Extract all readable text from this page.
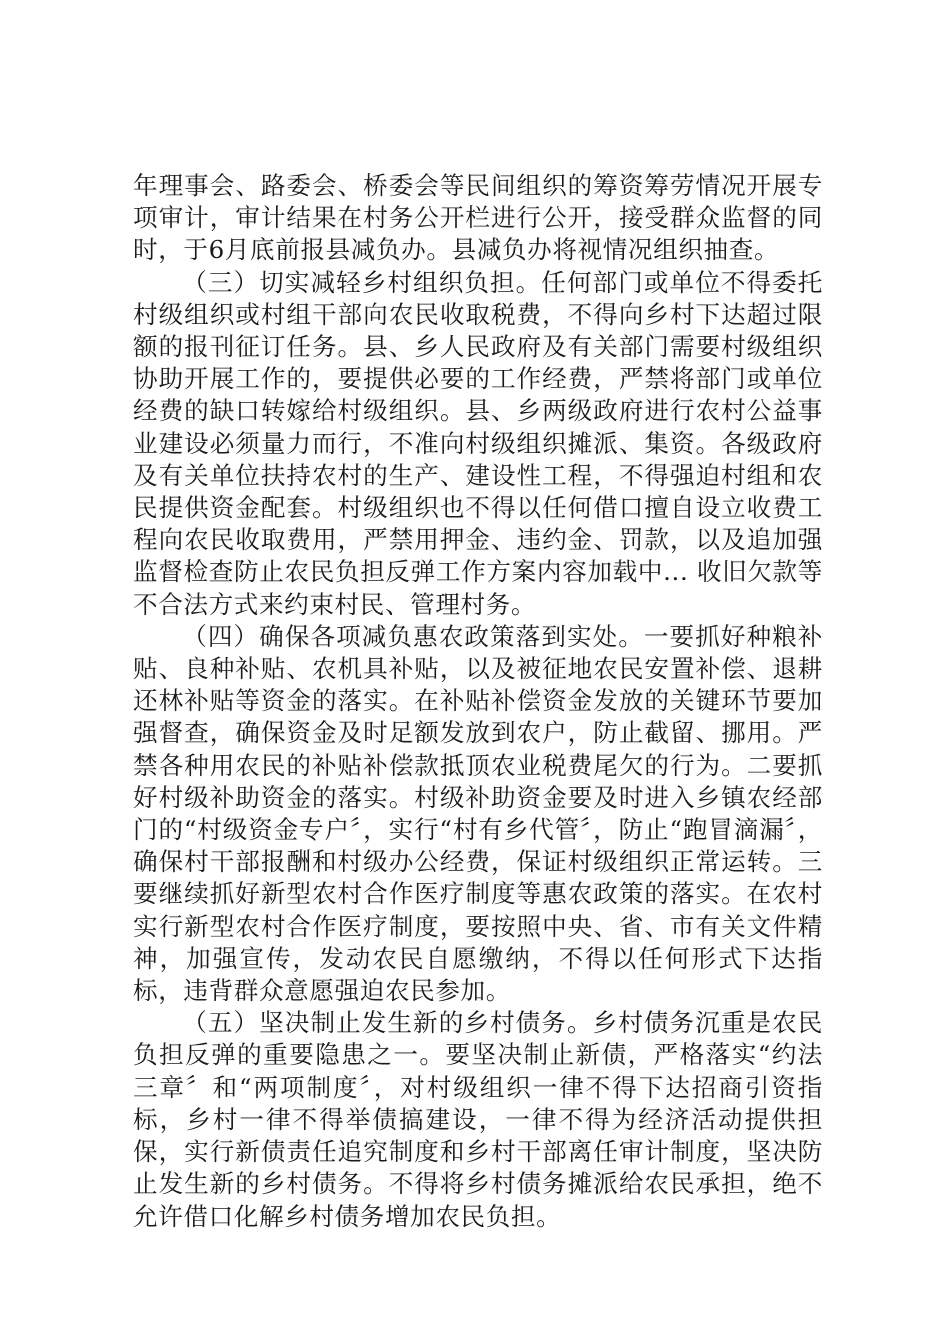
年理事会、路委会、桥委会等民间组织的筹资筹劳情况开展专项审计，审计结果在村务公开栏进行公开，接受群众监督的同时，于6月底前报县减负办。县减负办将视情况组织抽查。

（三）切实减轻乡村组织负担。任何部门或单位不得委托村级组织或村组干部向农民收取税费，不得向乡村下达超过限额的报刊征订任务。县、乡人民政府及有关部门需要村级组织协助开展工作的，要提供必要的工作经费，严禁将部门或单位经费的缺口转嫁给村级组织。县、乡两级政府进行农村公益事业建设必须量力而行，不准向村级组织摊派、集资。各级政府及有关单位扶持农村的生产、建设性工程，不得强迫村组和农民提供资金配套。村级组织也不得以任何借口擅自设立收费工程向农民收取费用，严禁用押金、违约金、罚款，以及追加强监督检查防止农民负担反弹工作方案内容加载中... 收旧欠款等不合法方式来约束村民、管理村务。

（四）确保各项减负惠农政策落到实处。一要抓好种粮补贴、良种补贴、农机具补贴，以及被征地农民安置补偿、退耕还林补贴等资金的落实。在补贴补偿资金发放的关键环节要加强督查，确保资金及时足额发放到农户，防止截留、挪用。严禁各种用农民的补贴补偿款抵顶农业税费尾欠的行为。二要抓好村级补助资金的落实。村级补助资金要及时进入乡镇农经部门的“村级资金专户〞，实行“村有乡代管〞，防止“跑冒滴漏〞，确保村干部报酬和村级办公经费，保证村级组织正常运转。三要继续抓好新型农村合作医疗制度等惠农政策的落实。在农村实行新型农村合作医疗制度，要按照中央、省、市有关文件精神，加强宣传，发动农民自愿缴纳，不得以任何形式下达指标，违背群众意愿强迫农民参加。

（五）坚决制止发生新的乡村债务。乡村债务沉重是农民负担反弹的重要隐患之一。要坚决制止新债，严格落实“约法三章〞和“两项制度〞，对村级组织一律不得下达招商引资指标，乡村一律不得举债搞建设，一律不得为经济活动提供担保，实行新债责任追究制度和乡村干部离任审计制度，坚决防止发生新的乡村债务。不得将乡村债务摊派给农民承担，绝不允许借口化解乡村债务增加农民负担。
